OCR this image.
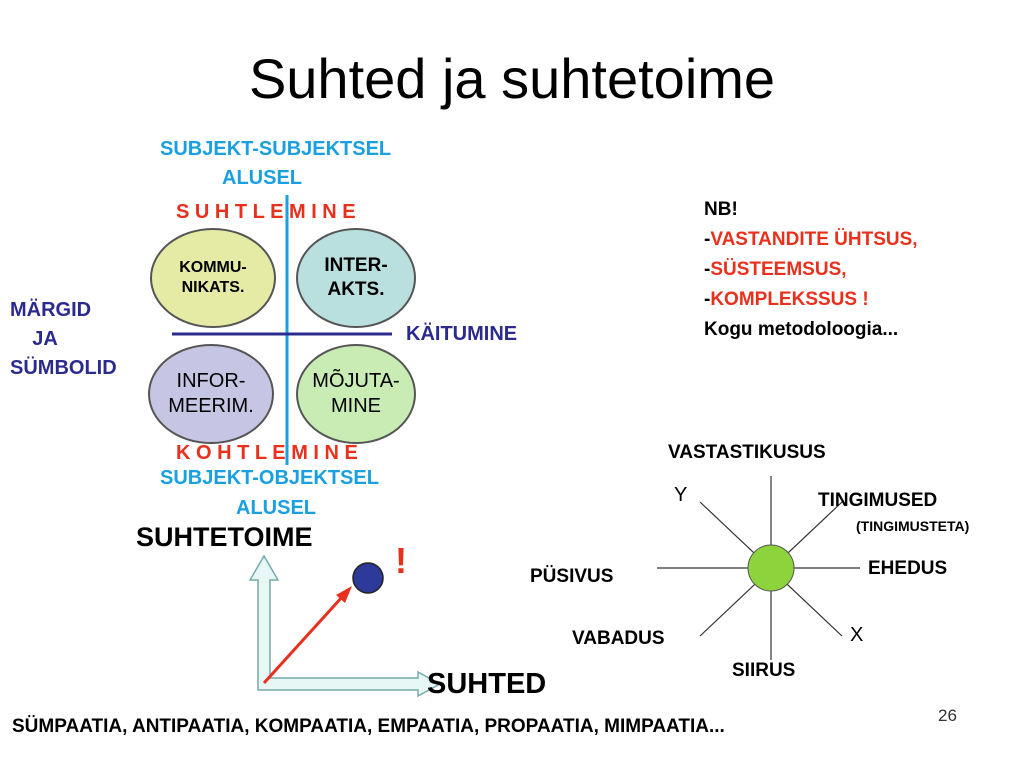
Suhted ja suhtetoime
SUBJEKT-SUBJEKTSEL
ALUSEL
S U H T L E M I N E
KOMMU-
NIKATS.
INTER-
AKTS.
INFOR-
MEERIM.
MÕJUTA-
MINE
MÄRGID
JA
SÜMBOLID
KÄITUMINE
K O H T L E M I N E
SUBJEKT-OBJEKTSEL
ALUSEL
NB!
-VASTANDITE ÜHTSUS,
-SÜSTEEMSUS,
-KOMPLEKSSUS !
Kogu metodoloogia...
SUHTETOIME
!
SUHTED
VASTASTIKUSUS
Y	TINGIMUSED
(TINGIMUSTETA)
EHEDUS
PÜSIVUS
X
VABADUS
SIIRUS
26
SÜMPAATIA, ANTIPAATIA, KOMPAATIA, EMPAATIA, PROPAATIA, MIMPAATIA...
